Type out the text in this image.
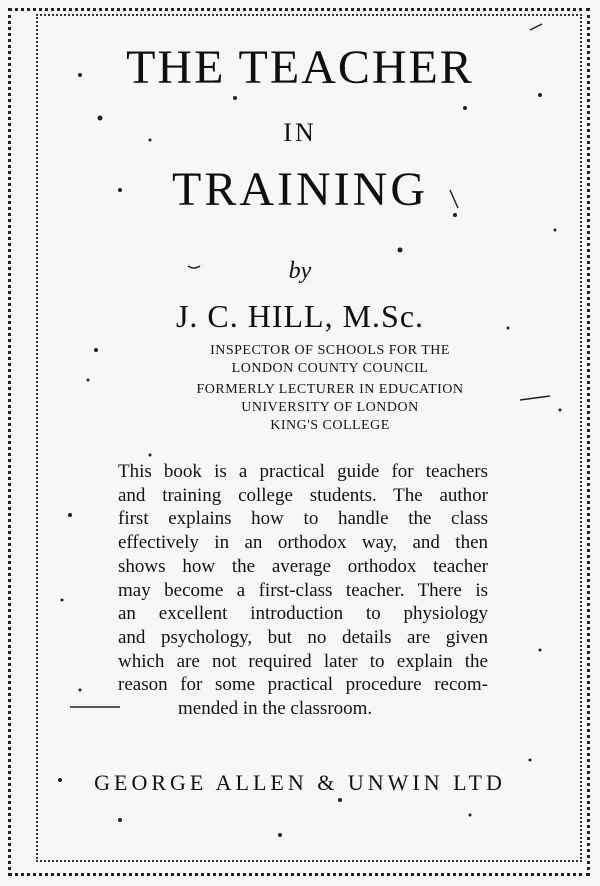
THE TEACHER
IN
TRAINING
by
J. C. HILL, M.Sc.
INSPECTOR OF SCHOOLS FOR THE
LONDON COUNTY COUNCIL
FORMERLY LECTURER IN EDUCATION
UNIVERSITY OF LONDON
KING'S COLLEGE
This book is a practical guide for teachers
and training college students. The author
first explains how to handle the class
effectively in an orthodox way, and then
shows how the average orthodox teacher
may become a first-class teacher. There is
an excellent introduction to physiology
and psychology, but no details are given
which are not required later to explain the
reason for some practical procedure recom-
mended in the classroom.
GEORGE ALLEN & UNWIN LTD
